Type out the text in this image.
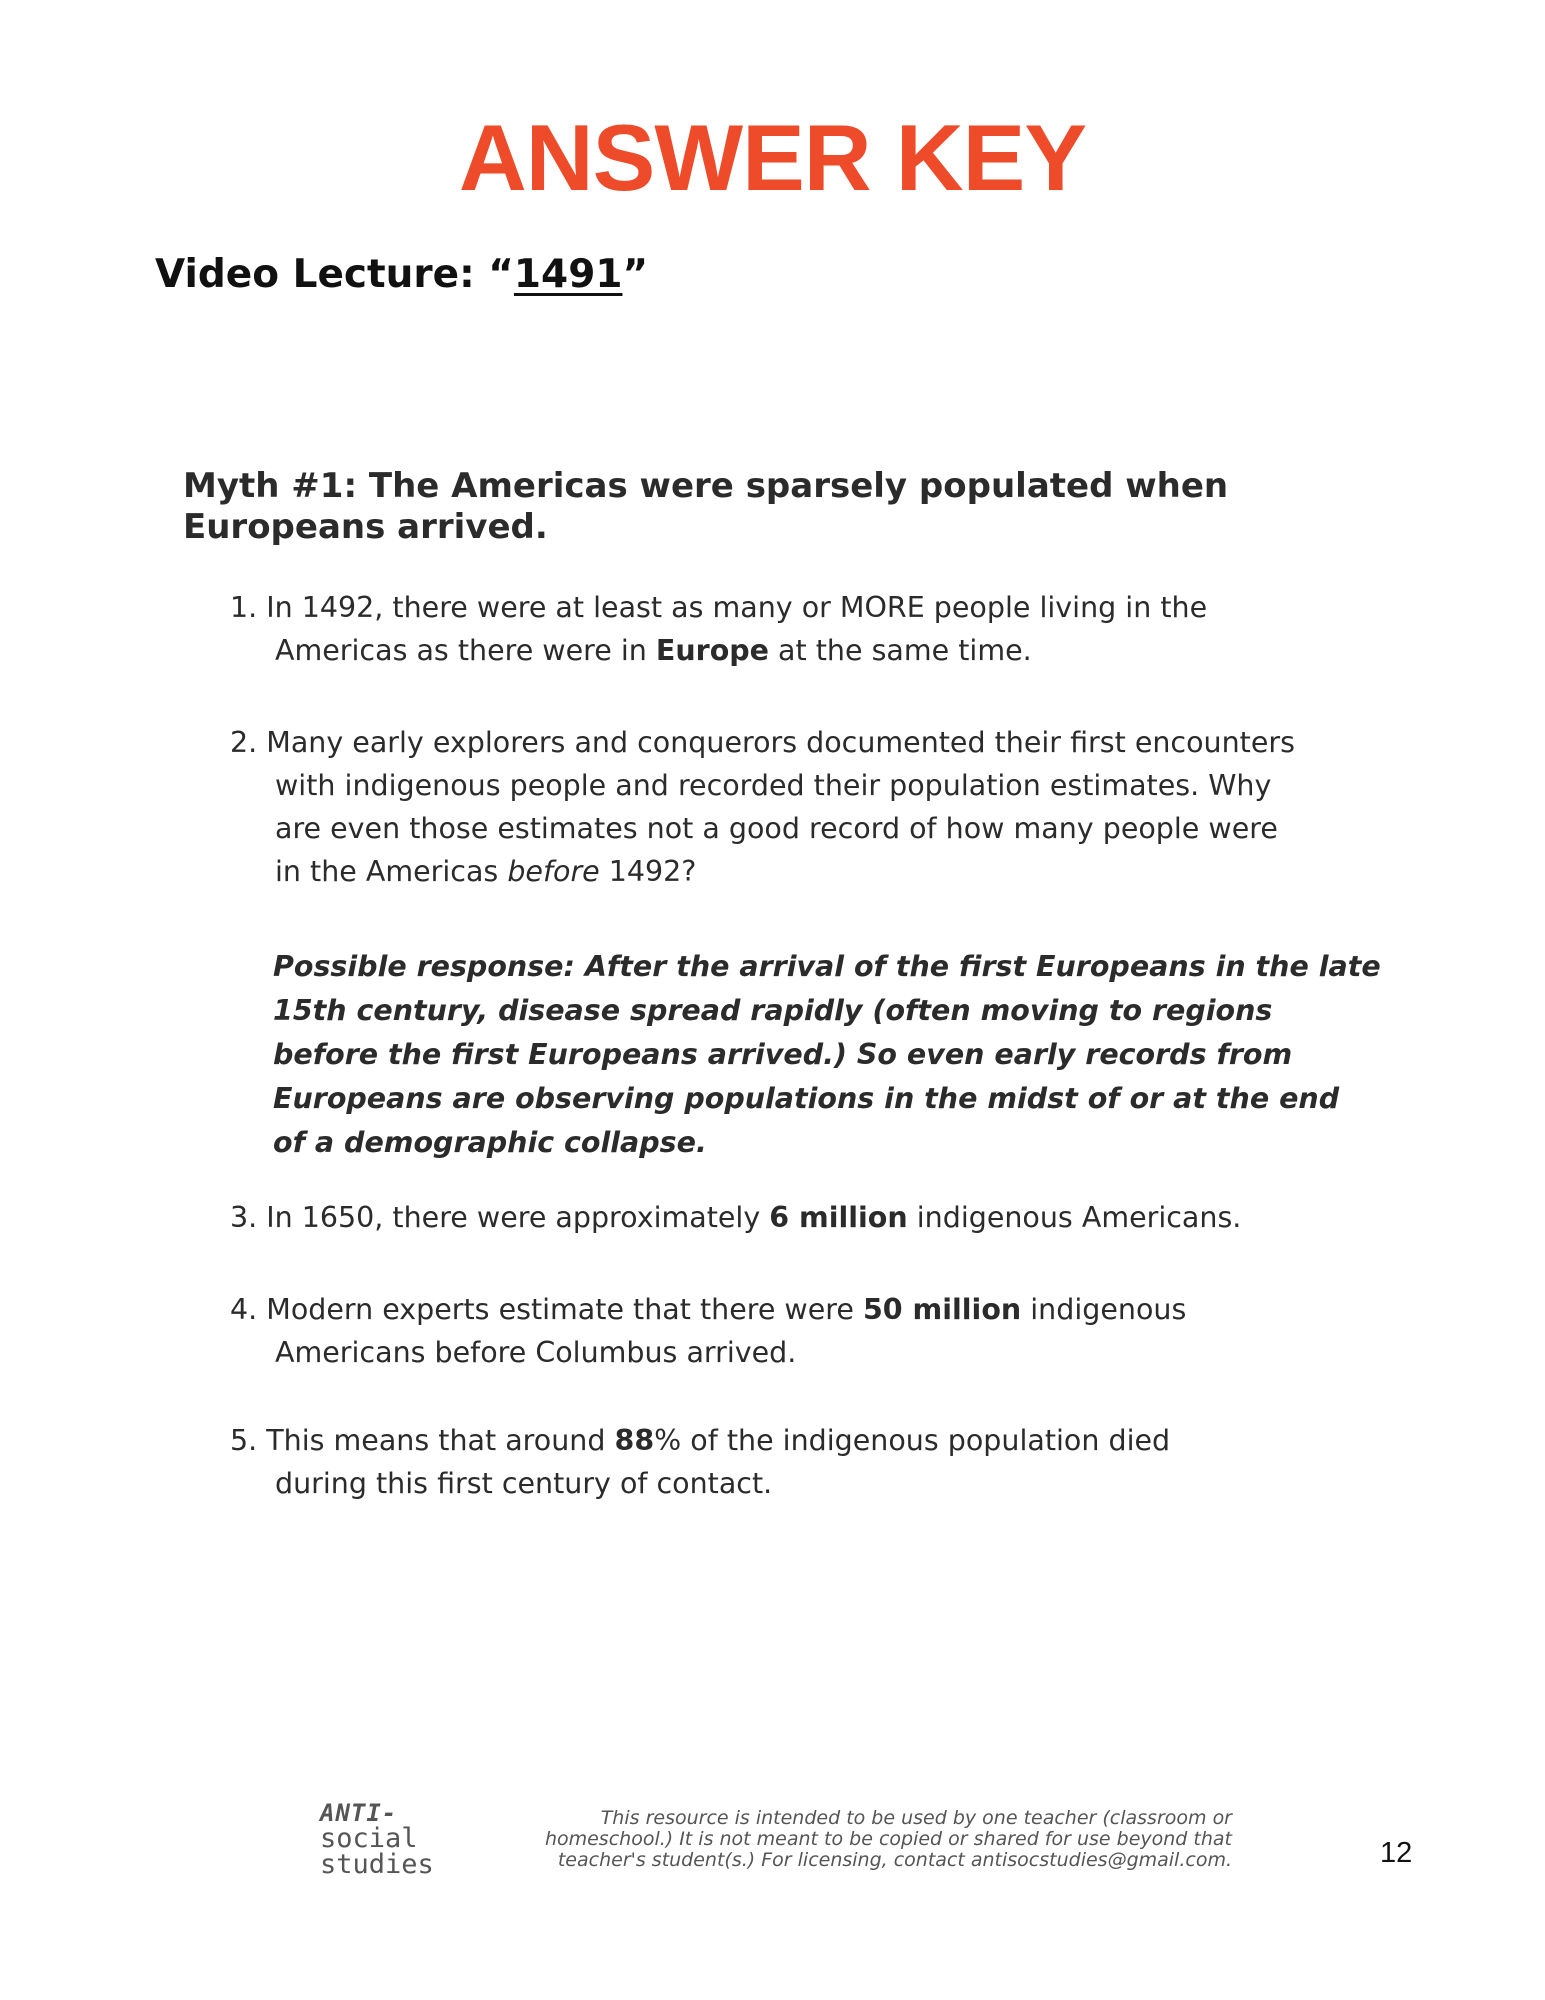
ANSWER KEY
Video Lecture: “1491”
Myth #1: The Americas were sparsely populated when
Europeans arrived.
1. In 1492, there were at least as many or MORE people living in the
Americas as there were in Europe at the same time.
2. Many early explorers and conquerors documented their first encounters
with indigenous people and recorded their population estimates. Why
are even those estimates not a good record of how many people were
in the Americas before 1492?
Possible response: After the arrival of the first Europeans in the late
15th century, disease spread rapidly (often moving to regions
before the first Europeans arrived.) So even early records from
Europeans are observing populations in the midst of or at the end
of a demographic collapse.
3. In 1650, there were approximately 6 million indigenous Americans.
4. Modern experts estimate that there were 50 million indigenous
Americans before Columbus arrived.
5. This means that around 88% of the indigenous population died
during this first century of contact.
ANTI-
social
studies
This resource is intended to be used by one teacher (classroom or
homeschool.) It is not meant to be copied or shared for use beyond that
teacher's student(s.) For licensing, contact antisocstudies@gmail.com.	12
